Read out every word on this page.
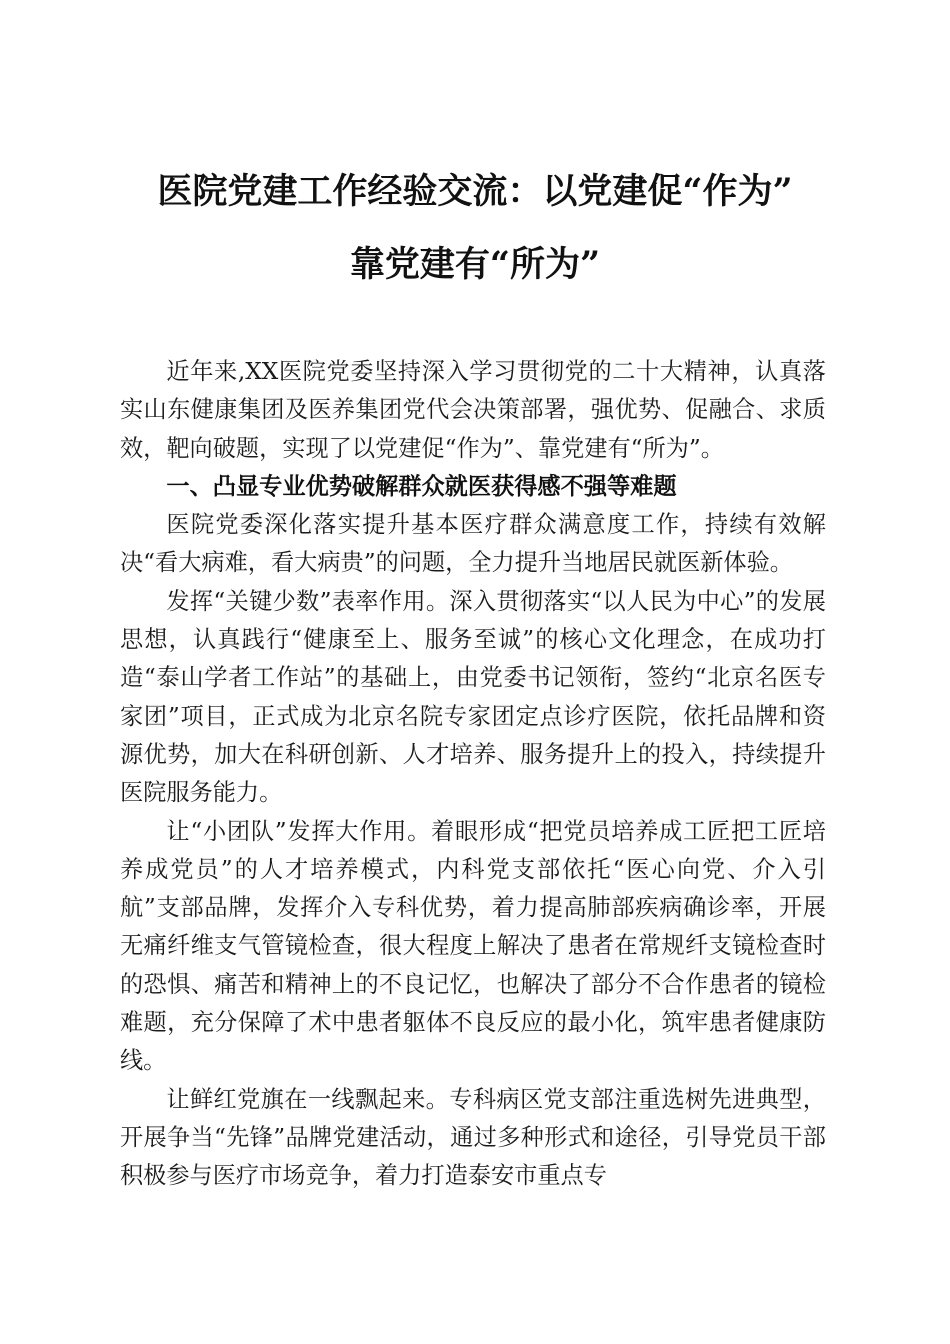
医院党建工作经验交流：以党建促“作为”
靠党建有“所为”

近年来,XX医院党委坚持深入学习贯彻党的二十大精神，认真落实山东健康集团及医养集团党代会决策部署，强优势、促融合、求质效，靶向破题，实现了以党建促“作为”、靠党建有“所为”。

一、凸显专业优势破解群众就医获得感不强等难题

医院党委深化落实提升基本医疗群众满意度工作，持续有效解决“看大病难，看大病贵”的问题，全力提升当地居民就医新体验。

发挥“关键少数”表率作用。深入贯彻落实“以人民为中心”的发展思想，认真践行“健康至上、服务至诚”的核心文化理念，在成功打造“泰山学者工作站”的基础上，由党委书记领衔，签约“北京名医专家团”项目，正式成为北京名院专家团定点诊疗医院，依托品牌和资源优势，加大在科研创新、人才培养、服务提升上的投入，持续提升医院服务能力。

让“小团队”发挥大作用。着眼形成“把党员培养成工匠把工匠培养成党员”的人才培养模式，内科党支部依托“医心向党、介入引航”支部品牌，发挥介入专科优势，着力提高肺部疾病确诊率，开展无痛纤维支气管镜检查，很大程度上解决了患者在常规纤支镜检查时的恐惧、痛苦和精神上的不良记忆，也解决了部分不合作患者的镜检难题，充分保障了术中患者躯体不良反应的最小化，筑牢患者健康防线。

让鲜红党旗在一线飘起来。专科病区党支部注重选树先进典型，开展争当“先锋”品牌党建活动，通过多种形式和途径，引导党员干部积极参与医疗市场竞争，着力打造泰安市重点专
